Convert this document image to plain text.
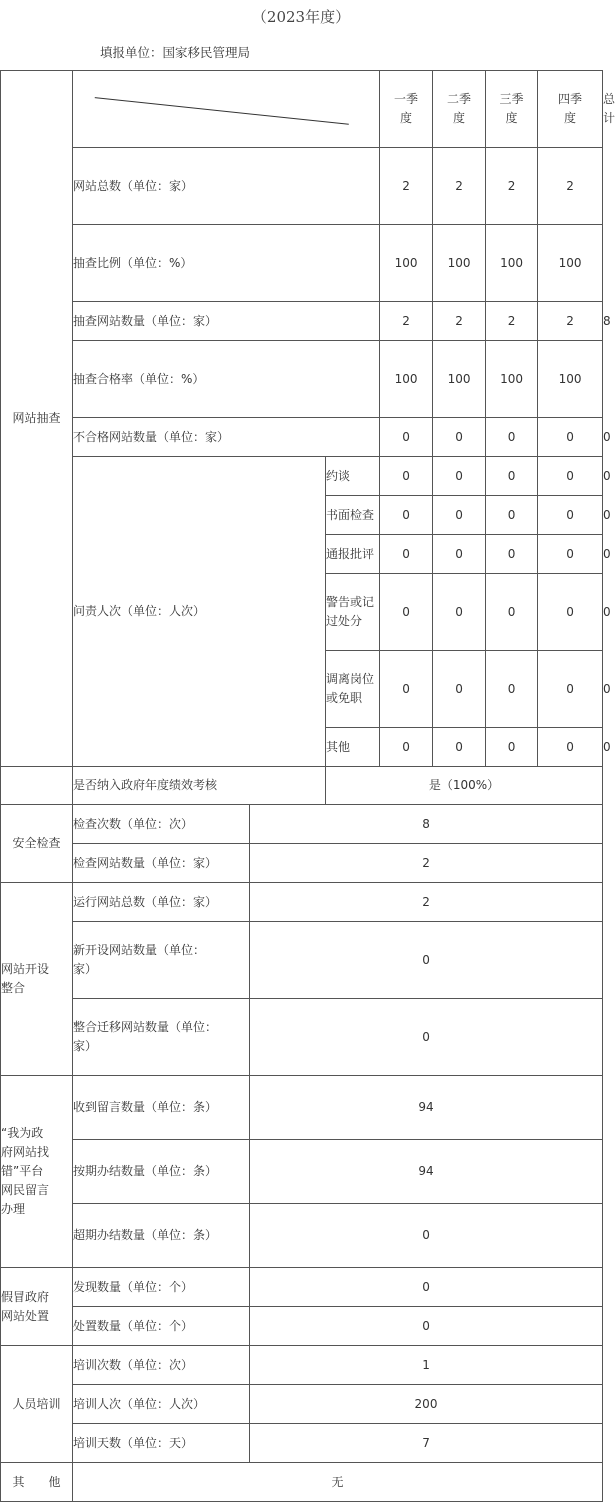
（2023年度）
填报单位：国家移民管理局
网站抽查			一季
度	二季
度	三季
度	四季
度	总计
	网站总数（单位：家）		2	2	2	2	

	抽查比例（单位：%）		100	100	100	100	

	抽查网站数量（单位：家）		2	2	2	2	8
	抽查合格率（单位：%）		100	100	100	100	

	不合格网站数量（单位：家）		0	0	0	0	0
	问责人次（单位：人次）	约谈	0	0	0	0	0
		书面检查	0	0	0	0	0
		通报批评	0	0	0	0	0
		警告或记
过处分	0	0	0	0	0
		调离岗位
或免职	0	0	0	0	0
		其他	0	0	0	0	0
	是否纳入政府年度绩效考核		是（100%）
安全检查	检查次数（单位：次）	8	
	检查网站数量（单位：家）	2	
网站开设
整合	运行网站总数（单位：家）	2	
	新开设网站数量（单位：
家）	0	
	整合迁移网站数量（单位：
家）	0	
“我为政
府网站找
错”平台
网民留言
办理	收到留言数量（单位：条）	94	
	按期办结数量（单位：条）	94	
	超期办结数量（单位：条）	0	
假冒政府
网站处置	发现数量（单位：个）	0	
	处置数量（单位：个）	0	
人员培训	培训次数（单位：次）	1	
	培训人次（单位：人次）	200	
	培训天数（单位：天）	7	
其　　他	无		
